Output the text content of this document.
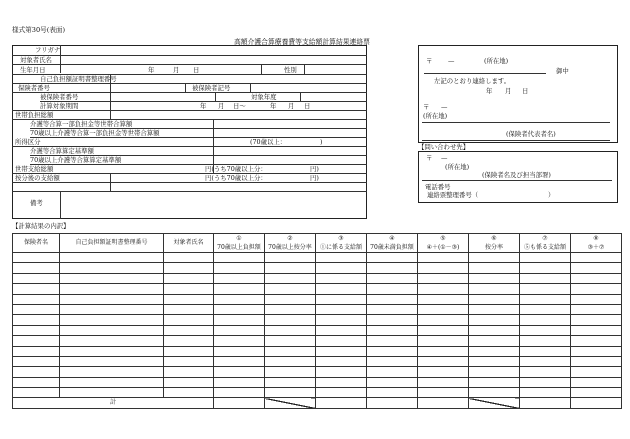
様式第30号(表面)
高額介護合算療養費等支給額計算結果連絡票
フリガナ
対象者氏名
生年月日	年	月 日	性別
自己負担額証明書整理番号
保険者番号	被保険者記号
被保険者番号	対象年度
計算対象期間	年 月 日〜	年 月 日
世帯負担総額
介護等合算一部負担金等世帯合算額
70歳以上介護等合算一部負担金等世帯合算額
所得区分	(70歳以上：	)
介護等合算算定基準額
70歳以上介護等合算算定基準額
世帯支給総額	円(うち70歳以上分：	円)
按分後の支給額	円(うち70歳以上分：	円)
備考
〒 —	(所在地)
御中
左記のとおり連絡します。
年 月 日
〒 —
(所在地)
(保険者代表者名)
【問い合わせ先】
〒 —
(所在地)
(保険者名及び担当部署)
電話番号
連絡票整理番号（	）
【計算結果の内訳】
保険者名	自己負担額証明書整理番号	対象者氏名	①	②	③	④	⑤	⑥	⑦	⑧
			70歳以上負担額	70歳以上按分率	①に係る支給額	70歳未満負担額	④＋(①－③)	按分率	⑤も係る支給額	③＋⑦

計										
